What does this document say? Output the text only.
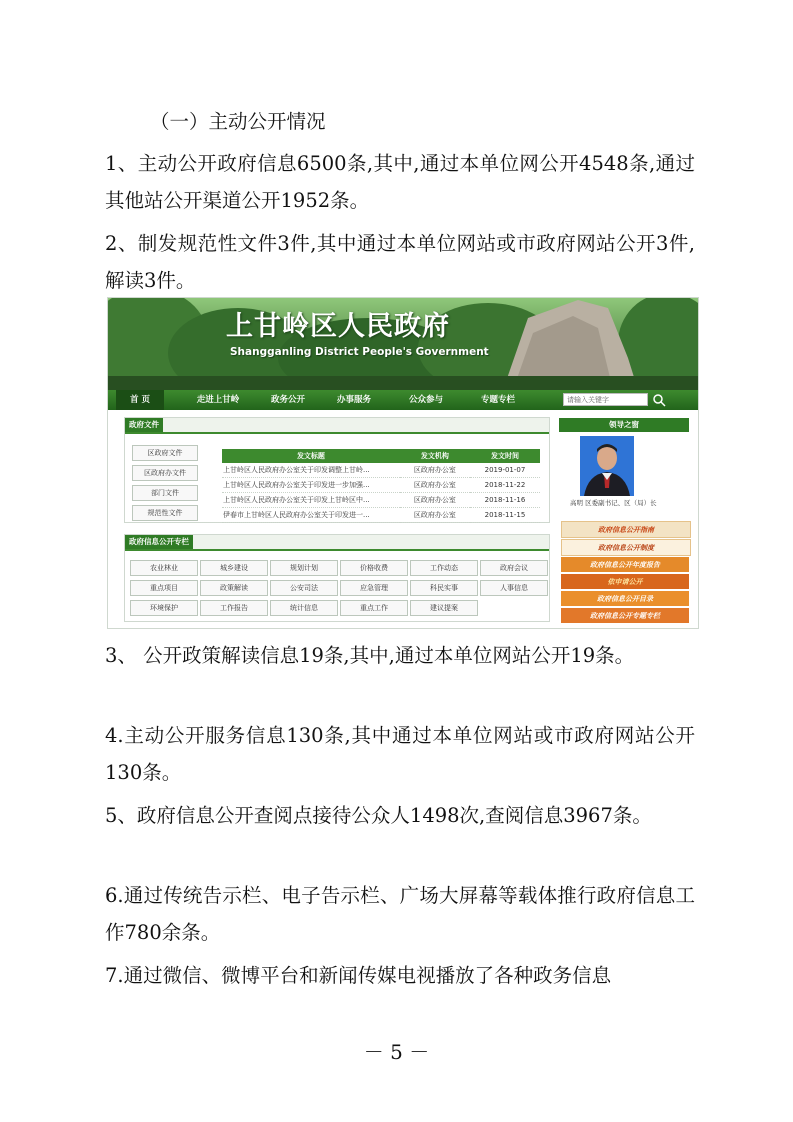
（一）主动公开情况

1、主动公开政府信息6500条,其中,通过本单位网公开4548条,通过其他站公开渠道公开1952条。

2、制发规范性文件3件,其中通过本单位网站或市政府网站公开3件,解读3件。

上甘岭区人民政府
Shangganling District People's Government
首 页	走进上甘岭	政务公开	办事服务	公众参与	专题专栏	请输入关键字
政府文件
区政府文件
区政府办文件
部门文件
规范性文件
发文标题	发文机构	发文时间
上甘岭区人民政府办公室关于印发调整上甘岭...	区政府办公室	2019-01-07
上甘岭区人民政府办公室关于印发进一步加强...	区政府办公室	2018-11-22
上甘岭区人民政府办公室关于印发上甘岭区中...	区政府办公室	2018-11-16
伊春市上甘岭区人民政府办公室关于印发进一...	区政府办公室	2018-11-15
政府信息公开专栏
农业林业	城乡建设	规划计划	价格收费	工作动态	政府会议
重点项目	政策解读	公安司法	应急管理	科民实事	人事信息
环境保护	工作报告	统计信息	重点工作	建议提案
领导之窗
高明 区委副书记、区（局）长
政府信息公开指南
政府信息公开制度
政府信息公开年度报告
依申请公开
政府信息公开目录
政府信息公开专题专栏

3、 公开政策解读信息19条,其中,通过本单位网站公开19条。

4.主动公开服务信息130条,其中通过本单位网站或市政府网站公开130条。

5、政府信息公开查阅点接待公众人1498次,查阅信息3967条。

6.通过传统告示栏、电子告示栏、广场大屏幕等载体推行政府信息工作780余条。

7.通过微信、微博平台和新闻传媒电视播放了各种政务信息

－ 5 －
